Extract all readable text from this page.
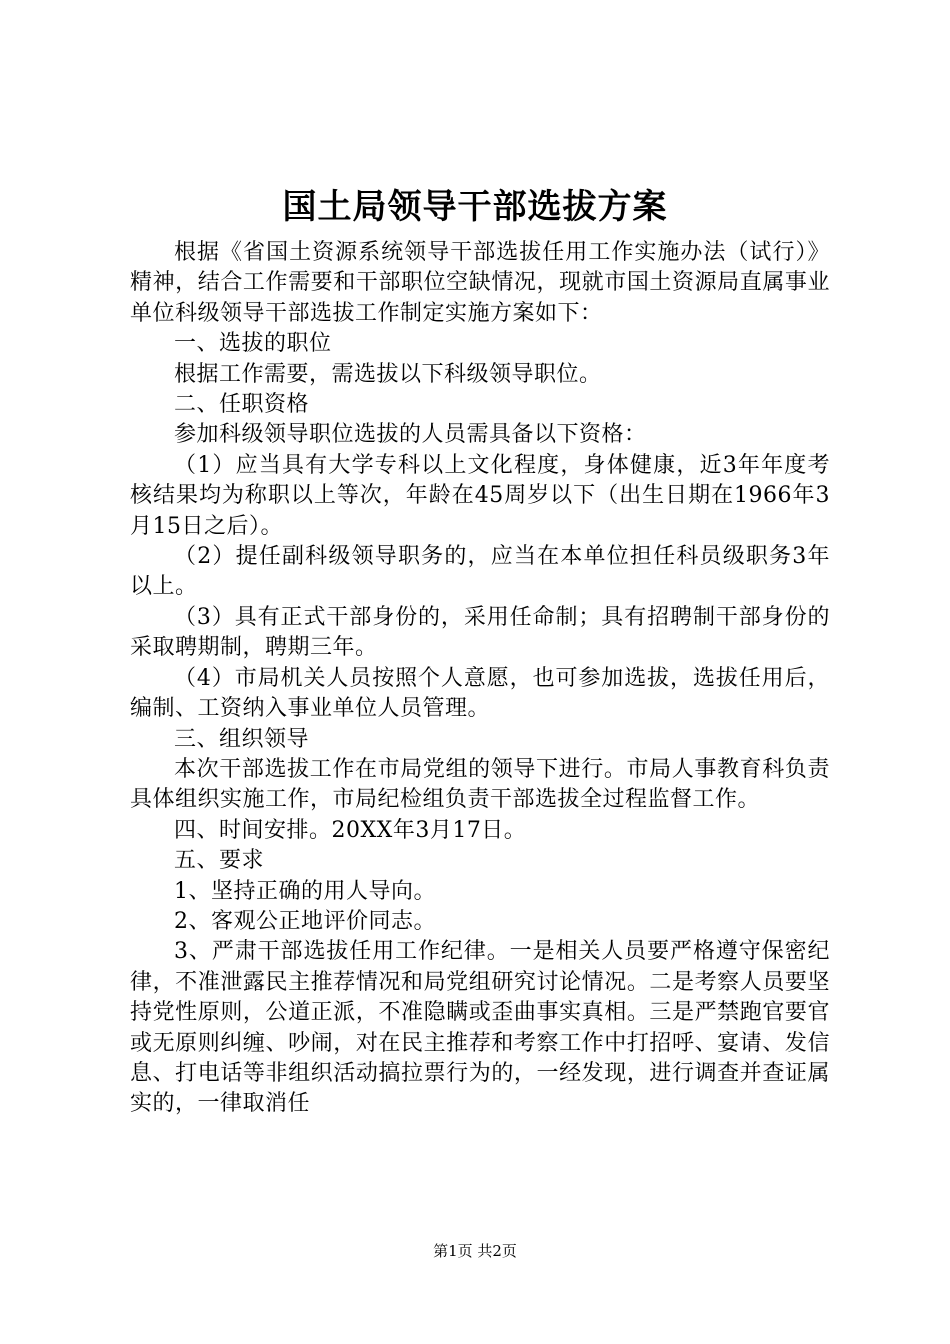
国土局领导干部选拔方案

根据《省国土资源系统领导干部选拔任用工作实施办法（试行）》精神，结合工作需要和干部职位空缺情况，现就市国土资源局直属事业单位科级领导干部选拔工作制定实施方案如下：

一、选拔的职位

根据工作需要，需选拔以下科级领导职位。

二、任职资格

参加科级领导职位选拔的人员需具备以下资格：

（1）应当具有大学专科以上文化程度，身体健康，近3年年度考核结果均为称职以上等次，年龄在45周岁以下（出生日期在1966年3月15日之后）。

（2）提任副科级领导职务的，应当在本单位担任科员级职务3年以上。

（3）具有正式干部身份的，采用任命制；具有招聘制干部身份的采取聘期制，聘期三年。

（4）市局机关人员按照个人意愿，也可参加选拔，选拔任用后，编制、工资纳入事业单位人员管理。

三、组织领导

本次干部选拔工作在市局党组的领导下进行。市局人事教育科负责具体组织实施工作，市局纪检组负责干部选拔全过程监督工作。

四、时间安排。20XX年3月17日。

五、要求

1、坚持正确的用人导向。

2、客观公正地评价同志。

3、严肃干部选拔任用工作纪律。一是相关人员要严格遵守保密纪律，不准泄露民主推荐情况和局党组研究讨论情况。二是考察人员要坚持党性原则，公道正派，不准隐瞒或歪曲事实真相。三是严禁跑官要官或无原则纠缠、吵闹，对在民主推荐和考察工作中打招呼、宴请、发信息、打电话等非组织活动搞拉票行为的，一经发现，进行调查并查证属实的，一律取消任

第1页 共2页
